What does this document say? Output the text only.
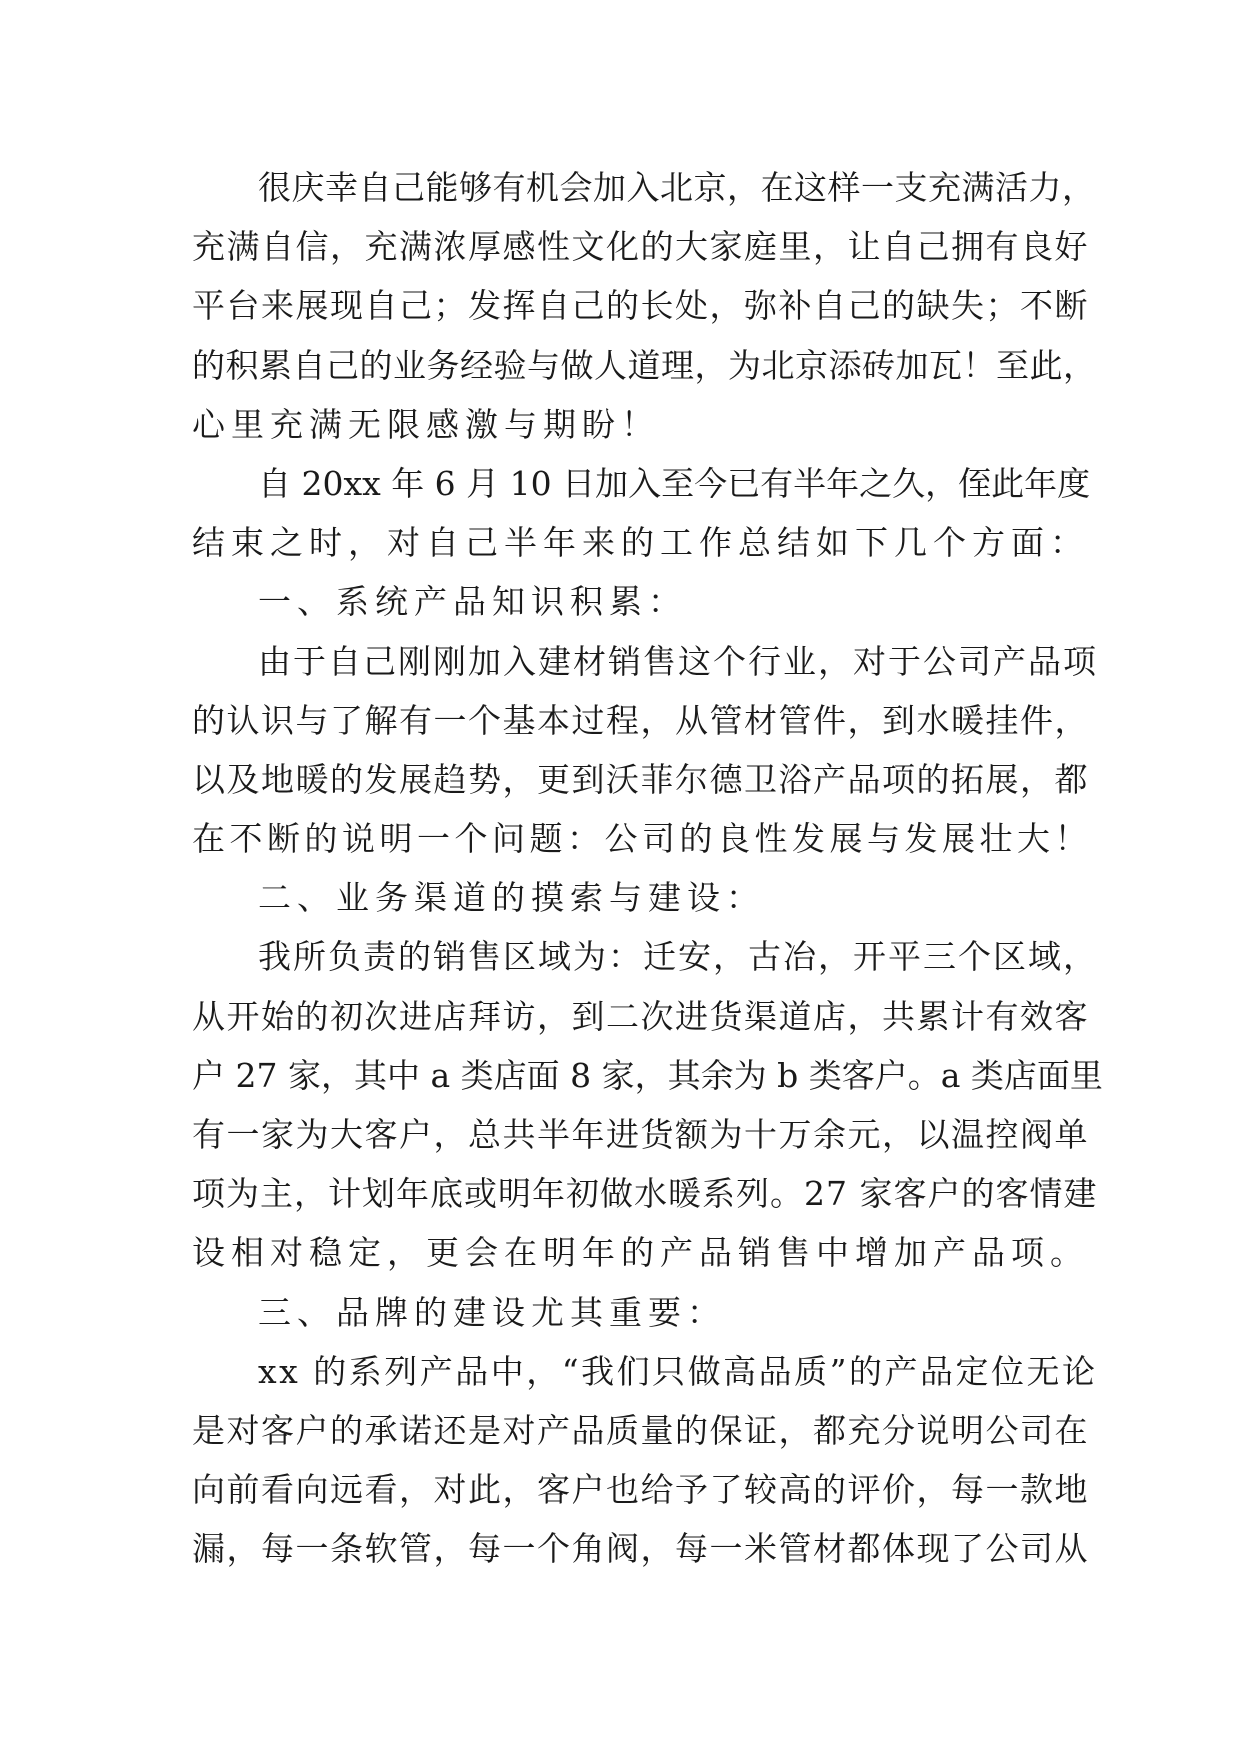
很庆幸自己能够有机会加入北京，在这样一支充满活力，
充满自信，充满浓厚感性文化的大家庭里，让自己拥有良好
平台来展现自己；发挥自己的长处，弥补自己的缺失；不断
的积累自己的业务经验与做人道理，为北京添砖加瓦！至此，
心里充满无限感激与期盼！
自 20xx 年 6 月 10 日加入至今已有半年之久，侄此年度
结束之时，对自己半年来的工作总结如下几个方面：
一、系统产品知识积累：
由于自己刚刚加入建材销售这个行业，对于公司产品项
的认识与了解有一个基本过程，从管材管件，到水暖挂件，
以及地暖的发展趋势，更到沃菲尔德卫浴产品项的拓展，都
在不断的说明一个问题：公司的良性发展与发展壮大！
二、业务渠道的摸索与建设：
我所负责的销售区域为：迁安，古冶，开平三个区域，
从开始的初次进店拜访，到二次进货渠道店，共累计有效客
户 27 家，其中 a 类店面 8 家，其余为 b 类客户。a 类店面里
有一家为大客户，总共半年进货额为十万余元，以温控阀单
项为主，计划年底或明年初做水暖系列。27 家客户的客情建
设相对稳定，更会在明年的产品销售中增加产品项。
三、品牌的建设尤其重要：
xx 的系列产品中，“我们只做高品质”的产品定位无论
是对客户的承诺还是对产品质量的保证，都充分说明公司在
向前看向远看，对此，客户也给予了较高的评价，每一款地
漏，每一条软管，每一个角阀，每一米管材都体现了公司从
